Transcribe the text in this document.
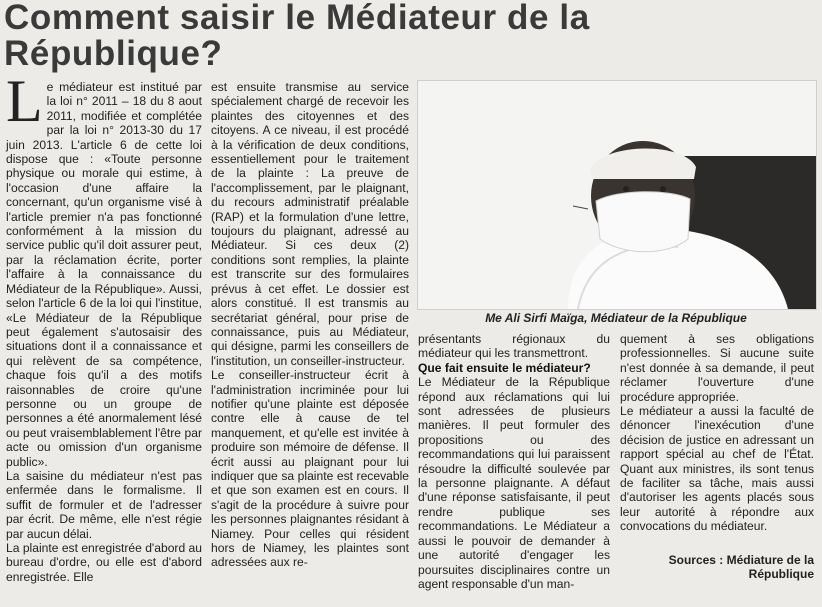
Comment saisir le Médiateur de la République?

Le médiateur est institué par la loi n° 2011 – 18 du 8 aout 2011, modifiée et complétée par la loi n° 2013-30 du 17 juin 2013. L'article 6 de cette loi dispose que : «Toute personne physique ou morale qui estime, à l'occasion d'une affaire la concernant, qu'un organisme visé à l'article premier n'a pas fonctionné conformément à la mission du service public qu'il doit assurer peut, par la réclamation écrite, porter l'affaire à la connaissance du Médiateur de la République». Aussi, selon l'article 6 de la loi qui l'institue, «Le Médiateur de la République peut également s'autosaisir des situations dont il a connaissance et qui relèvent de sa compétence, chaque fois qu'il a des motifs raisonnables de croire qu'une personne ou un groupe de personnes a été anormalement lésé ou peut vraisemblablement l'être par acte ou omission d'un organisme public».

La saisine du médiateur n'est pas enfermée dans le formalisme. Il suffit de formuler et de l'adresser par écrit. De même, elle n'est régie par aucun délai.

La plainte est enregistrée d'abord au bureau d'ordre, ou elle est d'abord enregistrée. Elle

est ensuite transmise au service spécialement chargé de recevoir les plaintes des citoyennes et des citoyens. A ce niveau, il est procédé à la vérification de deux conditions, essentiellement pour le traitement de la plainte : La preuve de l'accomplissement, par le plaignant, du recours administratif préalable (RAP) et la formulation d'une lettre, toujours du plaignant, adressé au Médiateur. Si ces deux (2) conditions sont remplies, la plainte est transcrite sur des formulaires prévus à cet effet. Le dossier est alors constitué. Il est transmis au secrétariat général, pour prise de connaissance, puis au Médiateur, qui désigne, parmi les conseillers de l'institution, un conseiller-instructeur.

Le conseiller-instructeur écrit à l'administration incriminée pour lui notifier qu'une plainte est déposée contre elle à cause de tel manquement, et qu'elle est invitée à produire son mémoire de défense. Il écrit aussi au plaignant pour lui indiquer que sa plainte est recevable et que son examen est en cours. Il s'agit de la procédure à suivre pour les personnes plaignantes résidant à Niamey. Pour celles qui résident hors de Niamey, les plaintes sont adressées aux re-

Me Ali Sirfi Maïga, Médiateur de la République

présentants régionaux du médiateur qui les transmettront.

Que fait ensuite le médiateur?

Le Médiateur de la République répond aux réclamations qui lui sont adressées de plusieurs manières. Il peut formuler des propositions ou des recommandations qui lui paraissent résoudre la difficulté soulevée par la personne plaignante. A défaut d'une réponse satisfaisante, il peut rendre publique ses recommandations. Le Médiateur a aussi le pouvoir de demander à une autorité d'engager les poursuites disciplinaires contre un agent responsable d'un man-

quement à ses obligations professionnelles. Si aucune suite n'est donnée à sa demande, il peut réclamer l'ouverture d'une procédure appropriée.

Le médiateur a aussi la faculté de dénoncer l'inexécution d'une décision de justice en adressant un rapport spécial au chef de l'État. Quant aux ministres, ils sont tenus de faciliter sa tâche, mais aussi d'autoriser les agents placés sous leur autorité à répondre aux convocations du médiateur.

Sources : Médiature de la République
